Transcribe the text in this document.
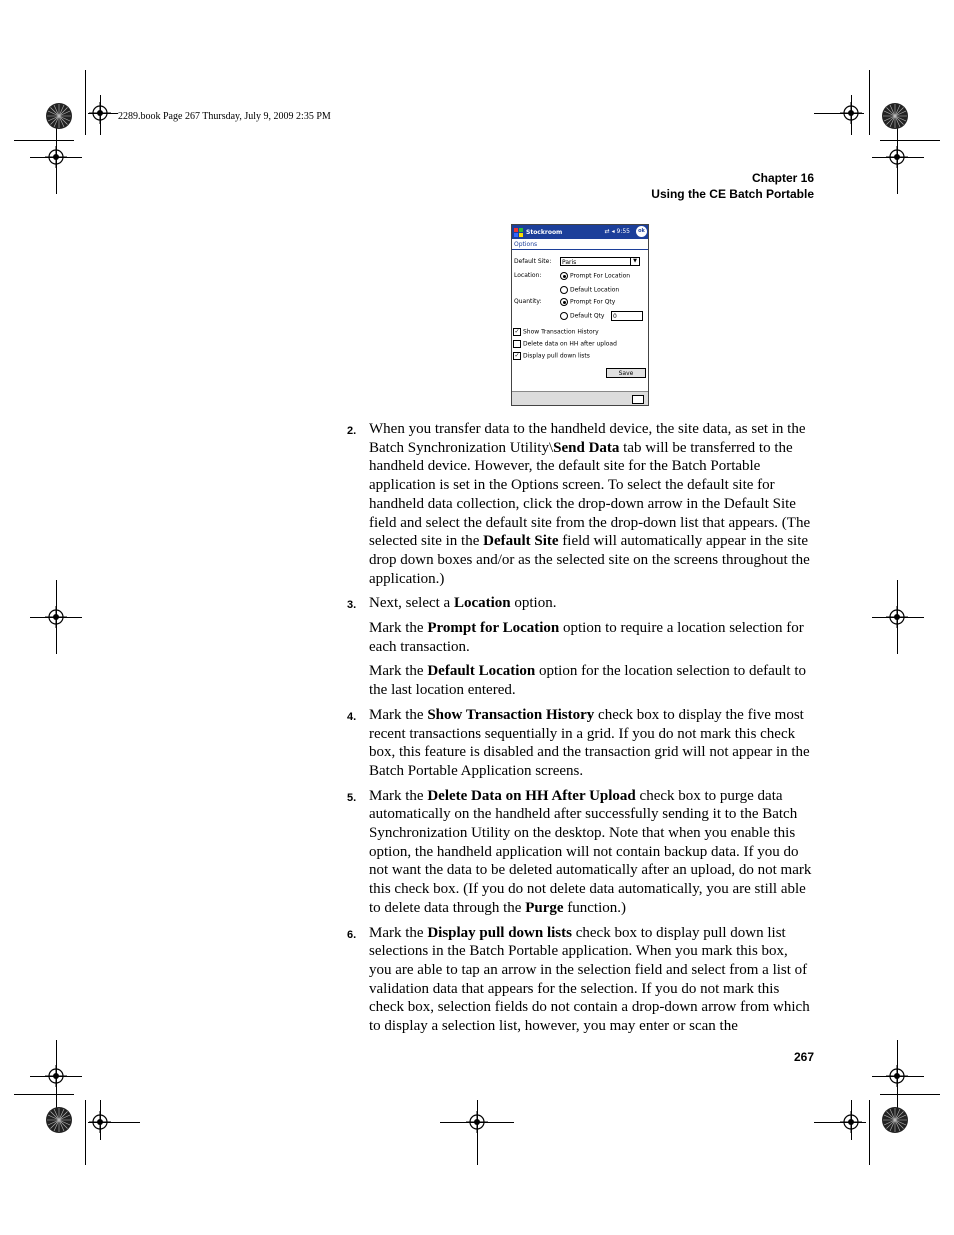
2289.book Page 267 Thursday, July 9, 2009 2:35 PM
Chapter 16
Using the CE Batch Portable
Stockroom	⇄ ◂ 9:55	ok
Options
Default Site:	Paris	▼
Location:	Prompt For Location
Default Location
Quantity:	Prompt For Qty
Default Qty	0
✓ Show Transaction History
Delete data on HH after upload
✓ Display pull down lists
Save
2. When you transfer data to the handheld device, the site data, as set in the Batch Synchronization Utility\Send Data tab will be transferred to the handheld device. However, the default site for the Batch Portable application is set in the Options screen. To select the default site for handheld data collection, click the drop-down arrow in the Default Site field and select the default site from the drop-down list that appears. (The selected site in the Default Site field will automatically appear in the site drop down boxes and/or as the selected site on the screens throughout the application.)

3. Next, select a Location option.

Mark the Prompt for Location option to require a location selection for each transaction.

Mark the Default Location option for the location selection to default to the last location entered.

4. Mark the Show Transaction History check box to display the five most recent transactions sequentially in a grid. If you do not mark this check box, this feature is disabled and the transaction grid will not appear in the Batch Portable Application screens.

5. Mark the Delete Data on HH After Upload check box to purge data automatically on the handheld after successfully sending it to the Batch Synchronization Utility on the desktop. Note that when you enable this option, the handheld application will not contain backup data. If you do not want the data to be deleted automatically after an upload, do not mark this check box. (If you do not delete data automatically, you are still able to delete data through the Purge function.)

6. Mark the Display pull down lists check box to display pull down list selections in the Batch Portable application. When you mark this box, you are able to tap an arrow in the selection field and select from a list of validation data that appears for the selection. If you do not mark this check box, selection fields do not contain a drop-down arrow from which to display a selection list, however, you may enter or scan the

267
